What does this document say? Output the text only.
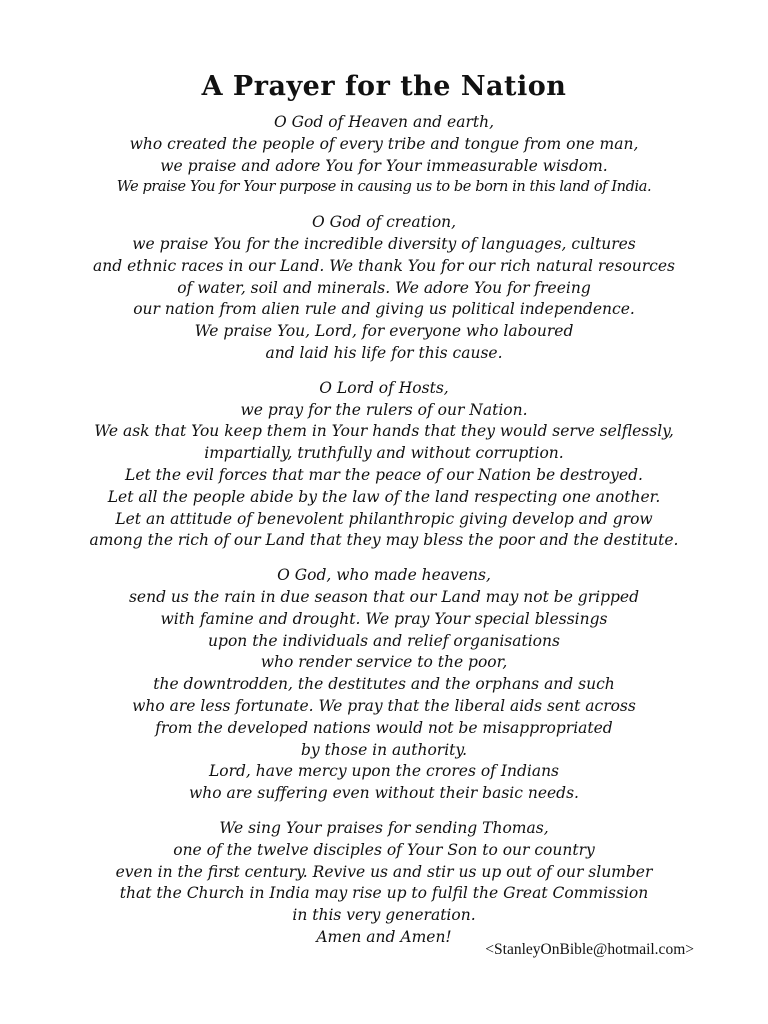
A Prayer for the Nation
O God of Heaven and earth,
who created the people of every tribe and tongue from one man,
we praise and adore You for Your immeasurable wisdom.
We praise You for Your purpose in causing us to be born in this land of India.
O God of creation,
we praise You for the incredible diversity of languages, cultures
and ethnic races in our Land. We thank You for our rich natural resources
of water, soil and minerals. We adore You for freeing
our nation from alien rule and giving us political independence.
We praise You, Lord, for everyone who laboured
and laid his life for this cause.
O Lord of Hosts,
we pray for the rulers of our Nation.
We ask that You keep them in Your hands that they would serve selflessly,
impartially, truthfully and without corruption.
Let the evil forces that mar the peace of our Nation be destroyed.
Let all the people abide by the law of the land respecting one another.
Let an attitude of benevolent philanthropic giving develop and grow
among the rich of our Land that they may bless the poor and the destitute.
O God, who made heavens,
send us the rain in due season that our Land may not be gripped
with famine and drought. We pray Your special blessings
upon the individuals and relief organisations
who render service to the poor,
the downtrodden, the destitutes and the orphans and such
who are less fortunate. We pray that the liberal aids sent across
from the developed nations would not be misappropriated
by those in authority.
Lord, have mercy upon the crores of Indians
who are suffering even without their basic needs.
We sing Your praises for sending Thomas,
one of the twelve disciples of Your Son to our country
even in the first century. Revive us and stir us up out of our slumber
that the Church in India may rise up to fulfil the Great Commission
in this very generation.
Amen and Amen!
<StanleyOnBible@hotmail.com>
